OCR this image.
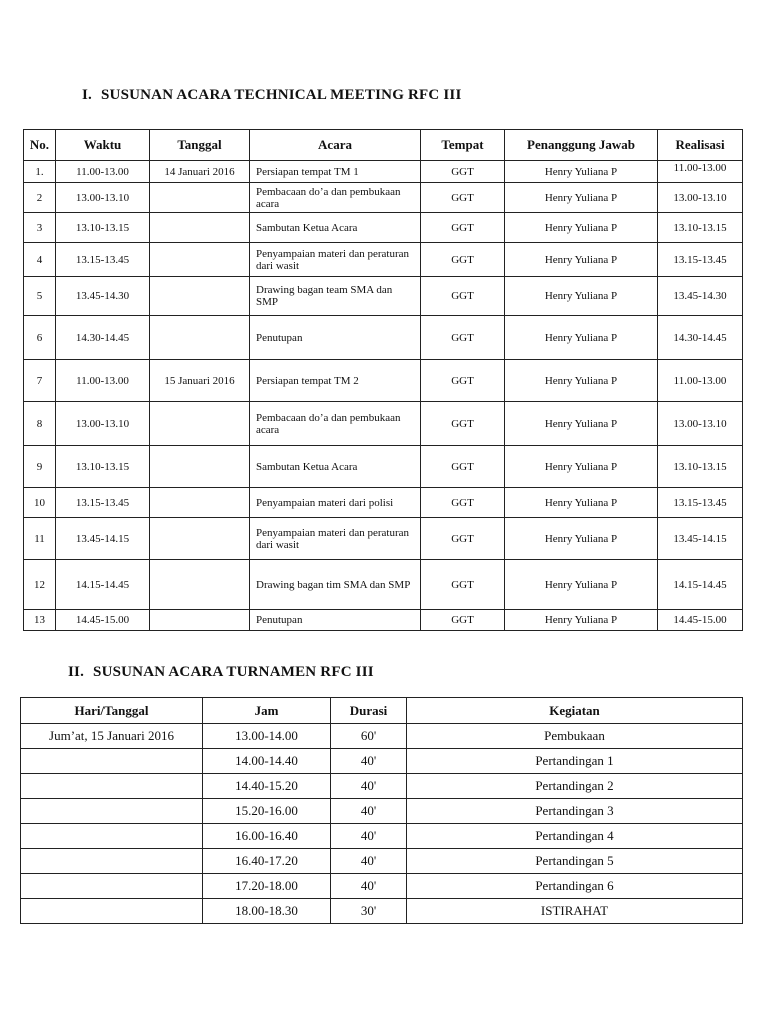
I. SUSUNAN ACARA TECHNICAL MEETING RFC III
No.	Waktu	Tanggal	Acara	Tempat	Penanggung Jawab	Realisasi
1.	11.00-13.00	14 Januari 2016	Persiapan tempat TM 1	GGT	Henry Yuliana P	11.00-13.00
2	13.00-13.10		Pembacaan do’a dan pembukaan acara	GGT	Henry Yuliana P	13.00-13.10
3	13.10-13.15		Sambutan Ketua Acara	GGT	Henry Yuliana P	13.10-13.15
4	13.15-13.45		Penyampaian materi dan peraturan dari wasit	GGT	Henry Yuliana P	13.15-13.45
5	13.45-14.30		Drawing bagan team SMA dan SMP	GGT	Henry Yuliana P	13.45-14.30
6	14.30-14.45		Penutupan	GGT	Henry Yuliana P	14.30-14.45
7	11.00-13.00	15 Januari 2016	Persiapan tempat TM 2	GGT	Henry Yuliana P	11.00-13.00
8	13.00-13.10		Pembacaan do’a dan pembukaan acara	GGT	Henry Yuliana P	13.00-13.10
9	13.10-13.15		Sambutan Ketua Acara	GGT	Henry Yuliana P	13.10-13.15
10	13.15-13.45		Penyampaian materi dari polisi	GGT	Henry Yuliana P	13.15-13.45
11	13.45-14.15		Penyampaian materi dan peraturan dari wasit	GGT	Henry Yuliana P	13.45-14.15
12	14.15-14.45		Drawing bagan tim SMA dan SMP	GGT	Henry Yuliana P	14.15-14.45
13	14.45-15.00		Penutupan	GGT	Henry Yuliana P	14.45-15.00
II. SUSUNAN ACARA TURNAMEN RFC III
Hari/Tanggal	Jam	Durasi	Kegiatan
Jum’at, 15 Januari 2016	13.00-14.00	60'	Pembukaan
	14.00-14.40	40'	Pertandingan 1
	14.40-15.20	40'	Pertandingan 2
	15.20-16.00	40'	Pertandingan 3
	16.00-16.40	40'	Pertandingan 4
	16.40-17.20	40'	Pertandingan 5
	17.20-18.00	40'	Pertandingan 6
	18.00-18.30	30'	ISTIRAHAT
